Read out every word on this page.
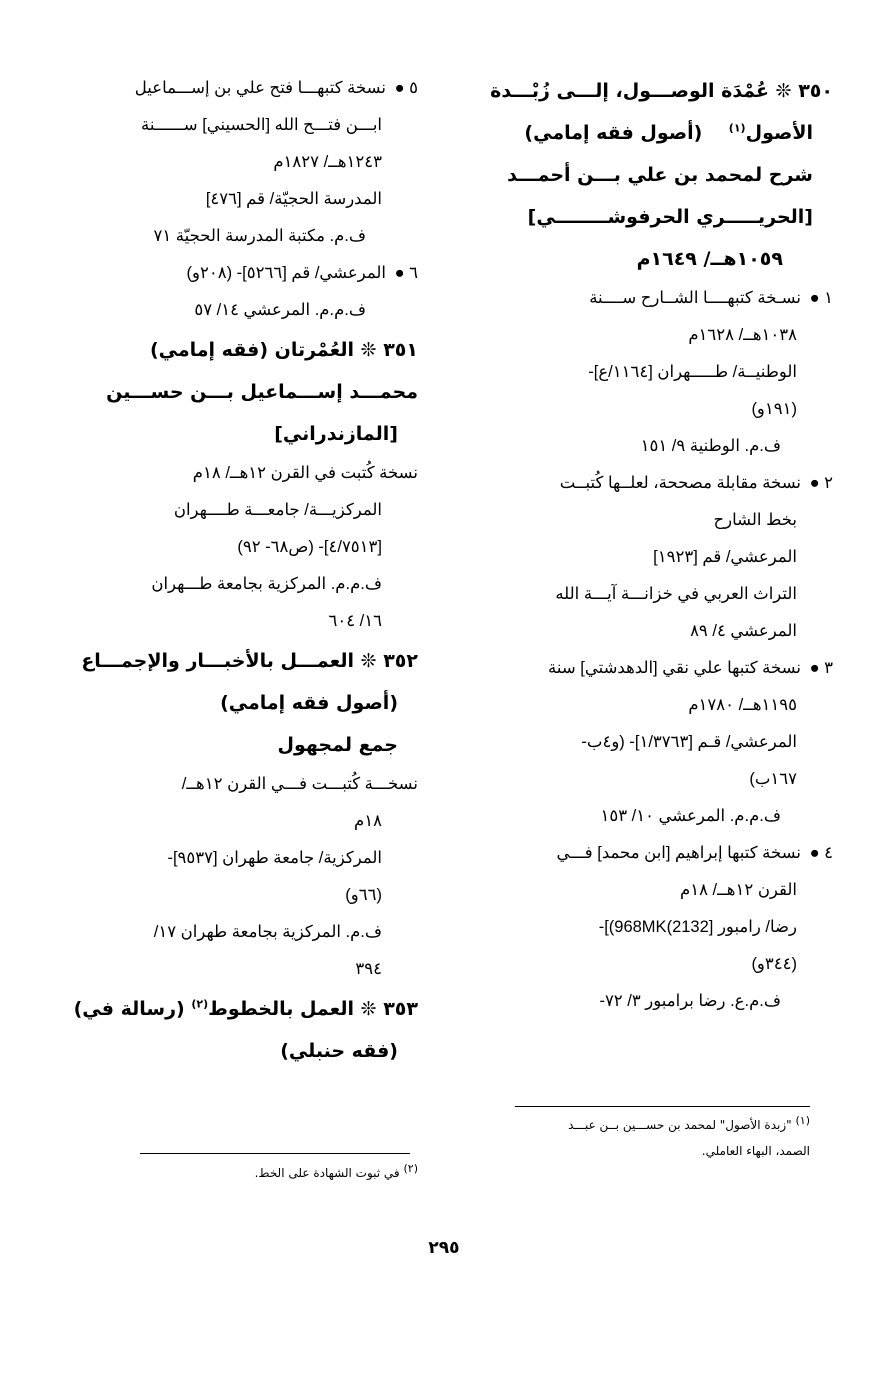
٣٥٠ ❊ عُمْدَة الوصـــول، إلـــى زُبْـــدة
الأصول$^{(١)}$    (أصول فقه إمامي)
شرح لمحمد بن علي بـــن أحمـــد
[الحريـــــري الحرفوشــــــــي]
١٠٥٩هــ/ ١٦٤٩م
١ ●نسـخة كتبهــــا الشــارح ســــنة
١٠٣٨هــ/ ١٦٢٨م
الوطنيــة/ طـــــهران [١١٦٤/ع]-
(١٩١و)
ف.م. الوطنية ٩/ ١٥١
٢ ●نسخة مقابلة مصححة، لعلــها كُتبــت
بخط الشارح
المرعشي/ قم [١٩٢٣]
التراث العربي في خزانـــة آيـــة الله
المرعشي ٤/ ٨٩
٣ ●نسخة كتبها علي نقي [الدهدشتي] سنة
١١٩٥هــ/ ١٧٨٠م
المرعشي/ قـم [١/٣٧٦٣]- (و٤ب-
١٦٧ب)
ف.م.م. المرعشي ١٠/ ١٥٣
٤ ●نسخة كتبها إبراهيم [ابن محمد] فـــي
القرن ١٢هــ/ ١٨م
رضا/ رامبور [2132)968MK)]-
(٣٤٤و)
ف.م.ع. رضا برامبور ٣/ ٧٢-
$^{(١)}$ "زبدة الأصول" لمحمد بن حســـين بــن عبـــد
الصمد، البهاء العاملي.
٥ ●نسخة كتبهـــا فتح علي بن إســـماعيل
ابـــن فتـــح الله [الحسيني] ســــــنة
١٢٤٣هــ/ ١٨٢٧م
المدرسة الحجيّة/ قم [٤٧٦]
ف.م. مكتبة المدرسة الحجيّة ٧١
٦ ●المرعشي/ قم [٥٢٦٦]- (٢٠٨و)
ف.م.م. المرعشي ١٤/ ٥٧
٣٥١ ❊ العُمْرتان (فقه إمامي)
محمـــد إســـماعيل بـــن حســـين
[المازندراني]
نسخة كُتبت في القرن ١٢هــ/ ١٨م
المركزيـــة/ جامعـــة طــــهران
[٤/٧٥١٣]- (ص٦٨- ٩٢)
ف.م.م. المركزية بجامعة طـــهران
١٦/ ٦٠٤
٣٥٢ ❊ العمـــل بالأخبـــار والإجمـــاع
(أصول فقه إمامي)
جمع لمجهول
نسخـــة كُتبـــت فـــي القرن ١٢هــ/
١٨م
المركزية/ جامعة طهران [٩٥٣٧]-
(٦٦و)
ف.م. المركزية بجامعة طهران ١٧/
٣٩٤
٣٥٣ ❊ العمل بالخطوط$^{(٢)}$ (رسالة في)
(فقه حنبلي)
$^{(٢)}$ في ثبوت الشهادة على الخط.
٢٩٥
